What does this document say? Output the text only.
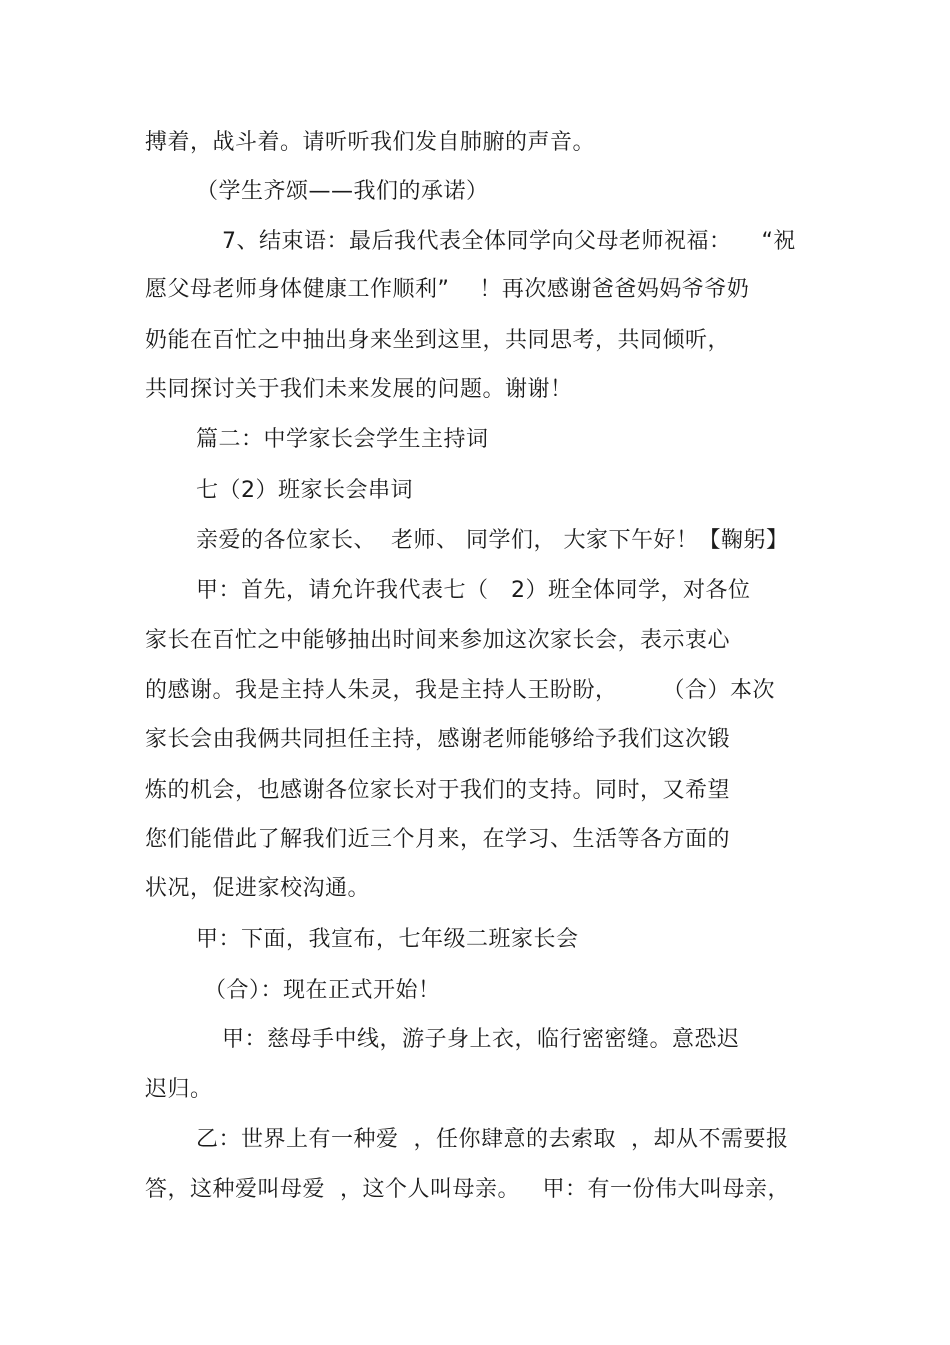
搏着，战斗着。请听听我们发自肺腑的声音。
（学生齐颂——我们的承诺）
7、结束语：最后我代表全体同学向父母老师祝福：    “祝
愿父母老师身体健康工作顺利”    ！再次感谢爸爸妈妈爷爷奶
奶能在百忙之中抽出身来坐到这里，共同思考，共同倾听，
共同探讨关于我们未来发展的问题。谢谢！
篇二：中学家长会学生主持词
七（2）班家长会串词
亲爱的各位家长、  老师、 同学们， 大家下午好！【鞠躬】
甲：首先，请允许我代表七（   2）班全体同学，对各位
家长在百忙之中能够抽出时间来参加这次家长会，表示衷心
的感谢。我是主持人朱灵，我是主持人王盼盼，      （合）本次
家长会由我俩共同担任主持，感谢老师能够给予我们这次锻
炼的机会，也感谢各位家长对于我们的支持。同时，又希望
您们能借此了解我们近三个月来，在学习、生活等各方面的
状况，促进家校沟通。
甲：下面，我宣布，七年级二班家长会
（合）：现在正式开始！
甲：慈母手中线，游子身上衣，临行密密缝。意恐迟
迟归。
乙：世界上有一种爱  ，任你肆意的去索取  ，却从不需要报
答，这种爱叫母爱  ，这个人叫母亲。   甲：有一份伟大叫母亲，
